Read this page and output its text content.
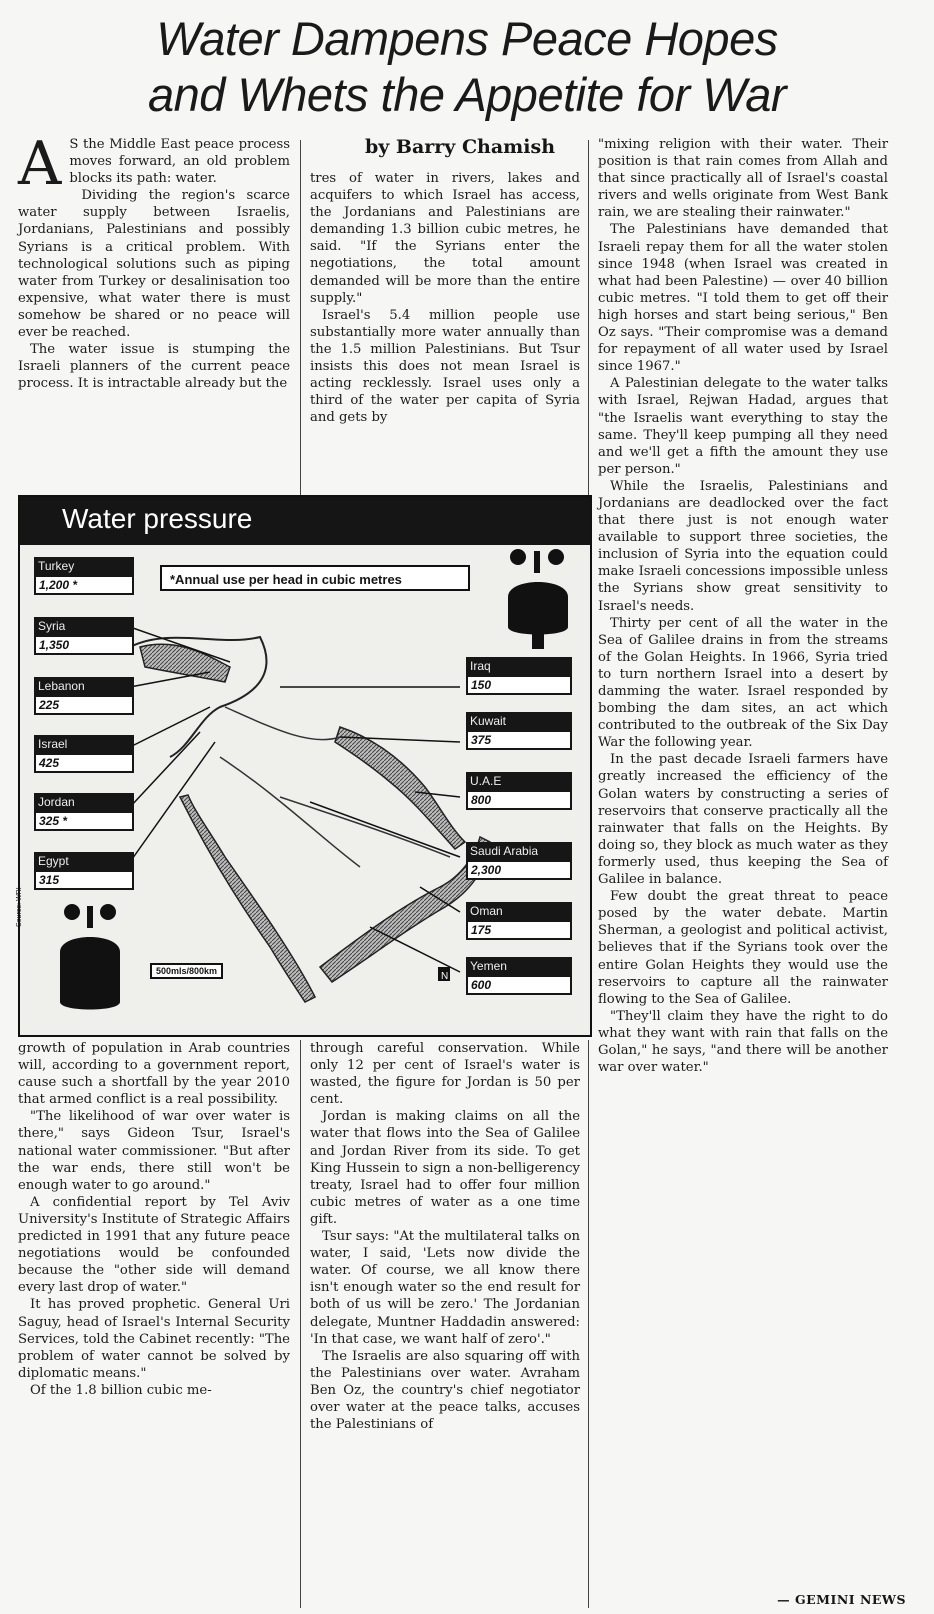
Water Dampens Peace Hopes
and Whets the Appetite for War
by Barry Chamish

A S the Middle East peace process moves forward, an old problem blocks its path: water.

Dividing the region's scarce water supply between Israelis, Jordanians, Palestinians and possibly Syrians is a critical problem. With technological solutions such as piping water from Turkey or desalinisation too expensive, what water there is must somehow be shared or no peace will ever be reached.

The water issue is stumping the Israeli planners of the current peace process. It is intractable already but the

tres of water in rivers, lakes and acquifers to which Israel has access, the Jordanians and Palestinians are demanding 1.3 billion cubic metres, he said. "If the Syrians enter the negotiations, the total amount demanded will be more than the entire supply."

Israel's 5.4 million people use substantially more water annually than the 1.5 million Palestinians. But Tsur insists this does not mean Israel is acting recklessly. Israel uses only a third of the water per capita of Syria and gets by

"mixing religion with their water. Their position is that rain comes from Allah and that since practically all of Israel's coastal rivers and wells originate from West Bank rain, we are stealing their rainwater."

The Palestinians have demanded that Israeli repay them for all the water stolen since 1948 (when Israel was created in what had been Palestine) — over 40 billion cubic metres. "I told them to get off their high horses and start being serious," Ben Oz says. "Their compromise was a demand for repayment of all water used by Israel since 1967."

A Palestinian delegate to the water talks with Israel, Rejwan Hadad, argues that "the Israelis want everything to stay the same. They'll keep pumping all they need and we'll get a fifth the amount they use per person."

While the Israelis, Palestinians and Jordanians are deadlocked over the fact that there just is not enough water available to support three societies, the inclusion of Syria into the equation could make Israeli concessions impossible unless the Syrians show great sensitivity to Israel's needs.

Thirty per cent of all the water in the Sea of Galilee drains in from the streams of the Golan Heights. In 1966, Syria tried to turn northern Israel into a desert by damming the water. Israel responded by bombing the dam sites, an act which contributed to the outbreak of the Six Day War the following year.

In the past decade Israeli farmers have greatly increased the efficiency of the Golan waters by constructing a series of reservoirs that conserve practically all the rainwater that falls on the Heights. By doing so, they block as much water as they formerly used, thus keeping the Sea of Galilee in balance.

Few doubt the great threat to peace posed by the water debate. Martin Sherman, a geologist and political activist, believes that if the Syrians took over the entire Golan Heights they would use the reservoirs to capture all the rainwater flowing to the Sea of Galilee.

"They'll claim they have the right to do what they want with rain that falls on the Golan," he says, "and there will be another war over water."

growth of population in Arab countries will, according to a government report, cause such a shortfall by the year 2010 that armed conflict is a real possibility.

"The likelihood of war over water is there," says Gideon Tsur, Israel's national water commissioner. "But after the war ends, there still won't be enough water to go around."

A confidential report by Tel Aviv University's Institute of Strategic Affairs predicted in 1991 that any future peace negotiations would be confounded because the "other side will demand every last drop of water."

It has proved prophetic. General Uri Saguy, head of Israel's Internal Security Services, told the Cabinet recently: "The problem of water cannot be solved by diplomatic means."

Of the 1.8 billion cubic me-

through careful conservation. While only 12 per cent of Israel's water is wasted, the figure for Jordan is 50 per cent.

Jordan is making claims on all the water that flows into the Sea of Galilee and Jordan River from its side. To get King Hussein to sign a non-belligerency treaty, Israel had to offer four million cubic metres of water as a one time gift.

Tsur says: "At the multilateral talks on water, I said, 'Lets now divide the water. Of course, we all know there isn't enough water so the end result for both of us will be zero.' The Jordanian delegate, Muntner Haddadin answered: 'In that case, we want half of zero'."

The Israelis are also squaring off with the Palestinians over water. Avraham Ben Oz, the country's chief negotiator over water at the peace talks, accuses the Palestinians of

— GEMINI NEWS
Water pressure
N
*Annual use per head in cubic metres
500mls/800km
Source: WRI
Turkey
1,200 *
Syria
1,350
Lebanon
225
Israel
425
Jordan
325 *
Egypt
315
Iraq
150
Kuwait
375
U.A.E
800
Saudi Arabia
2,300
Oman
175
Yemen
600
